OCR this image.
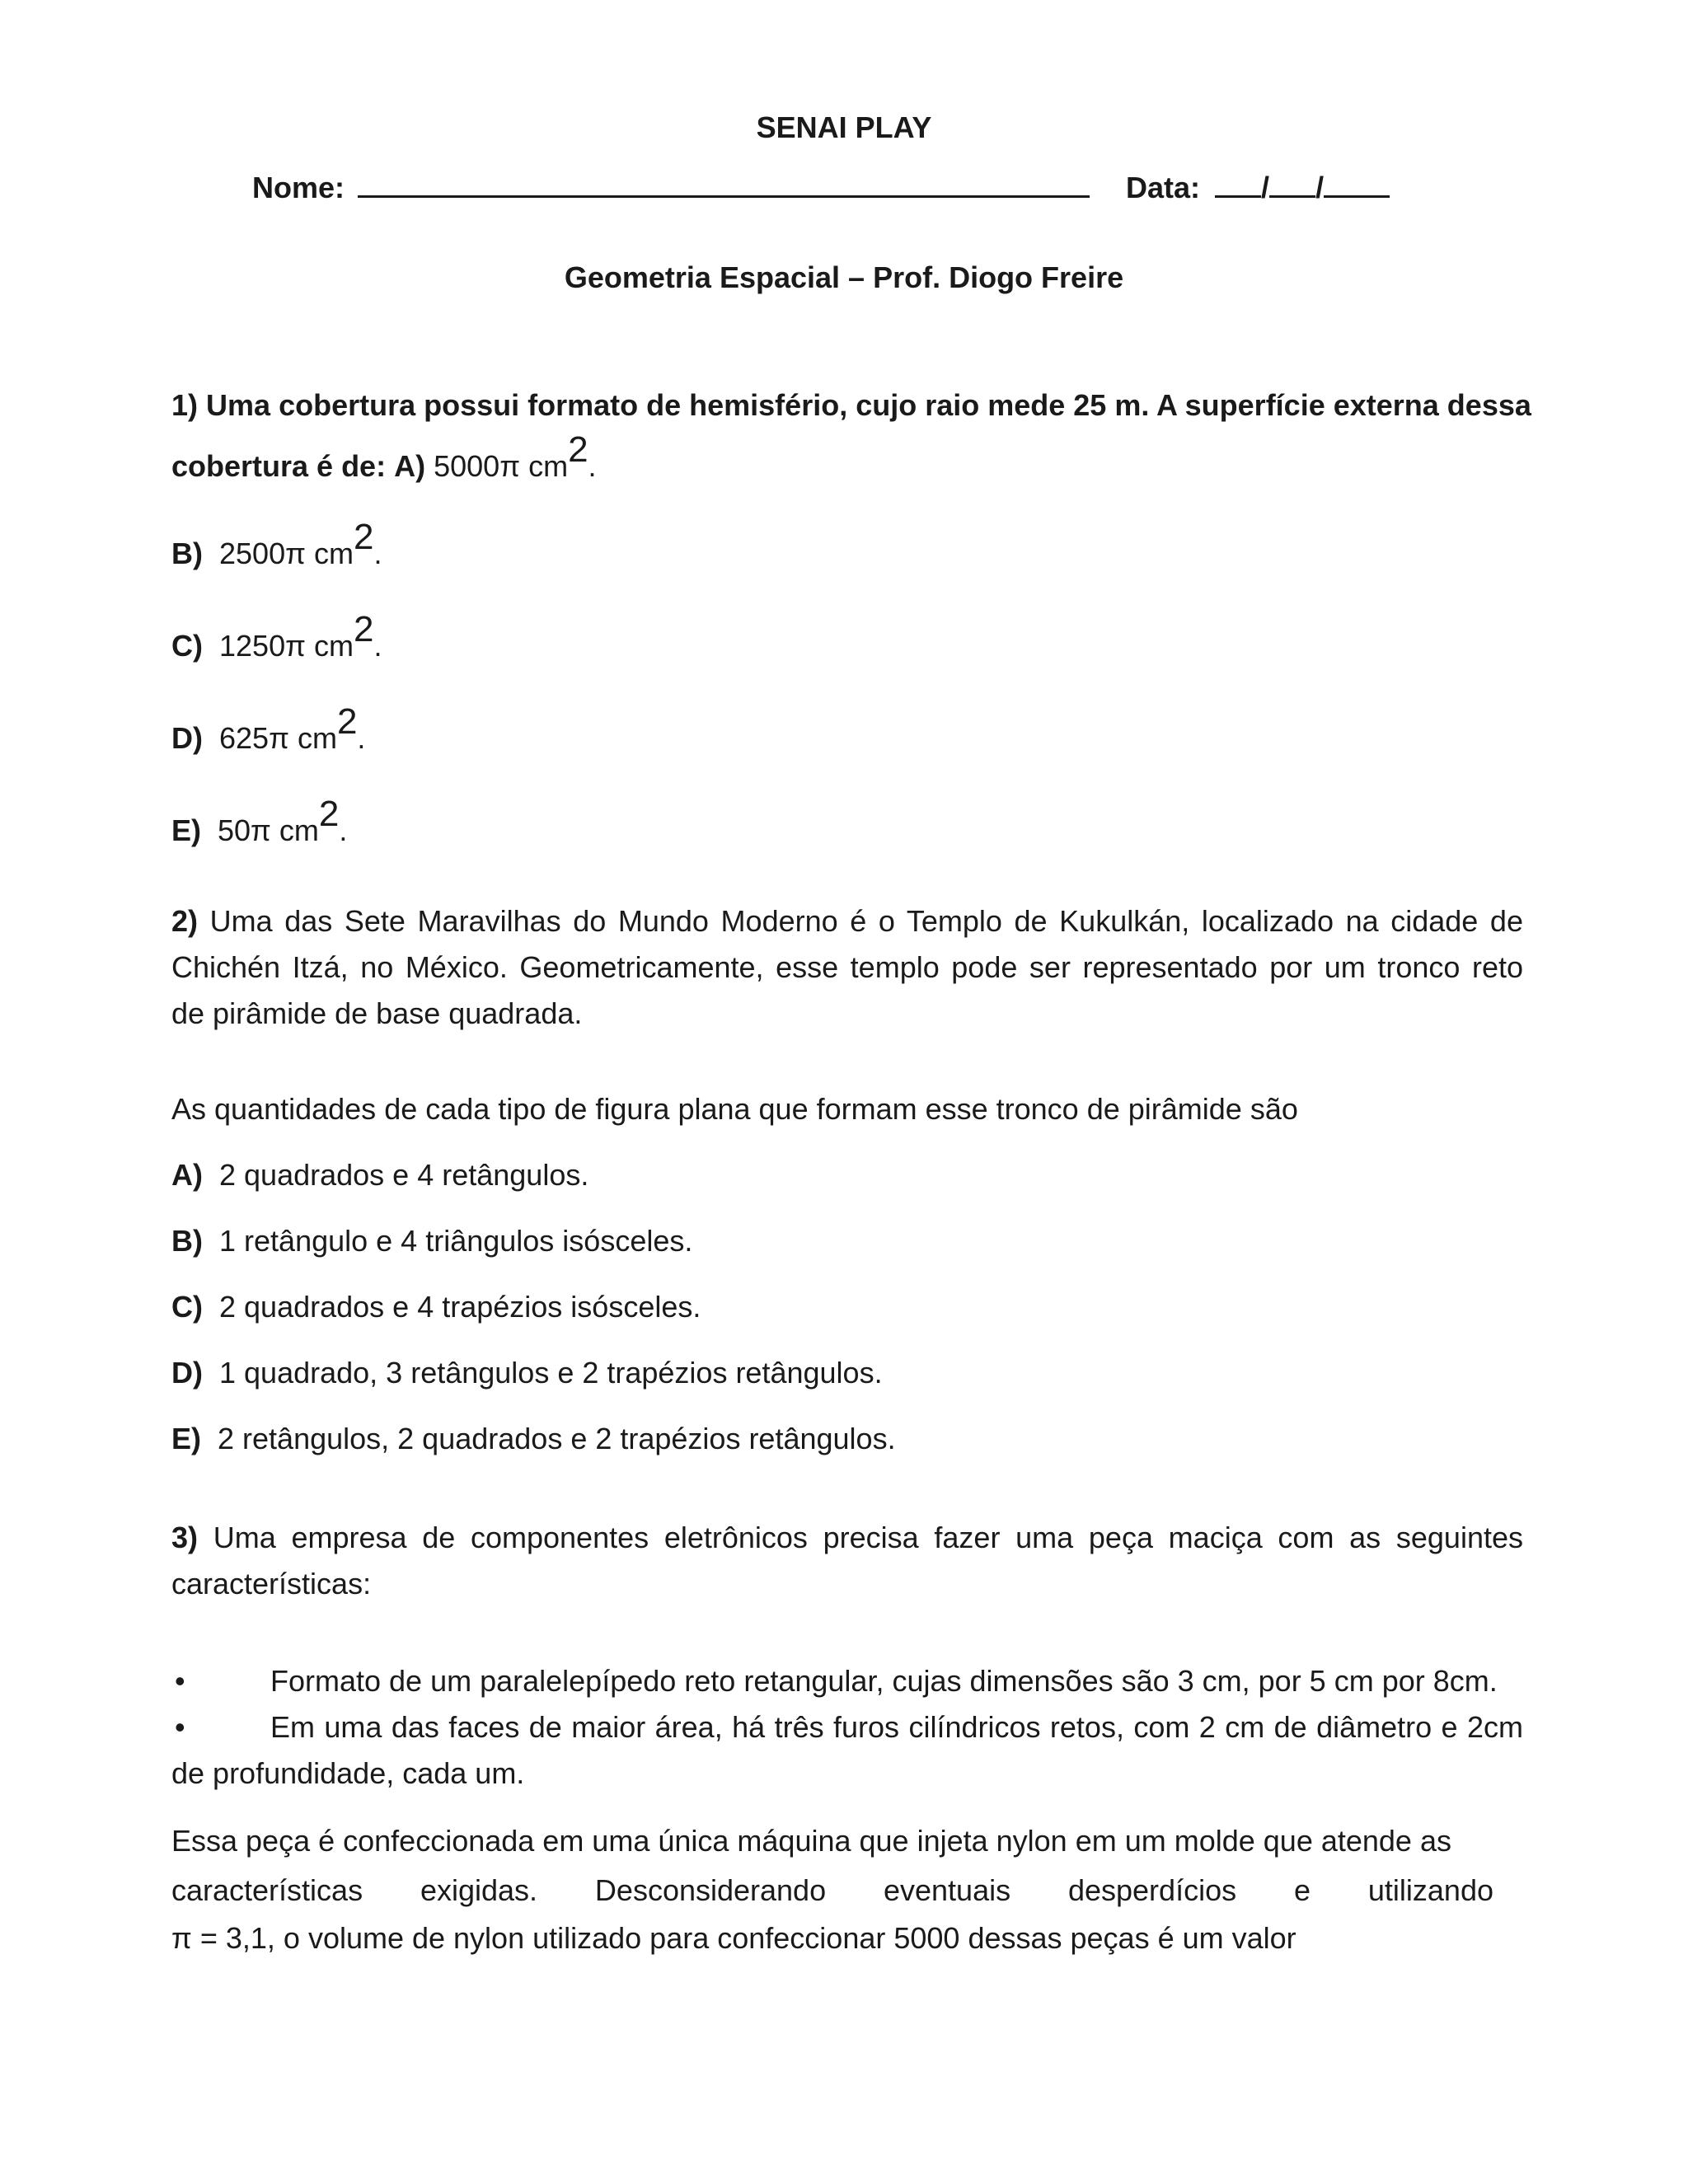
SENAI PLAY
Nome:	Data: / /
Geometria Espacial – Prof. Diogo Freire
1) Uma cobertura possui formato de hemisfério, cujo raio mede 25 m. A superfície externa dessa
cobertura é de: A) 5000π $cm^2$.
B) 2500π $cm^2$.
C) 1250π $cm^2$.
D) 625π $cm^2$.
E) 50π $cm^2$.
2) Uma das Sete Maravilhas do Mundo Moderno é o Templo de Kukulkán, localizado na cidade de
Chichén Itzá, no México. Geometricamente, esse templo pode ser representado por um tronco reto
de pirâmide de base quadrada.
As quantidades de cada tipo de figura plana que formam esse tronco de pirâmide são
A) 2 quadrados e 4 retângulos.
B) 1 retângulo e 4 triângulos isósceles.
C) 2 quadrados e 4 trapézios isósceles.
D) 1 quadrado, 3 retângulos e 2 trapézios retângulos.
E) 2 retângulos, 2 quadrados e 2 trapézios retângulos.
3) Uma empresa de componentes eletrônicos precisa fazer uma peça maciça com as seguintes
características:
•	Formato de um paralelepípedo reto retangular, cujas dimensões são 3 cm, por 5 cm por 8cm.
•	Em uma das faces de maior área, há três furos cilíndricos retos, com 2 cm de diâmetro e 2cm
de profundidade, cada um.
Essa peça é confeccionada em uma única máquina que injeta nylon em um molde que atende as
características exigidas. Desconsiderando eventuais desperdícios e utilizando
π = 3,1, o volume de nylon utilizado para confeccionar 5000 dessas peças é um valor
